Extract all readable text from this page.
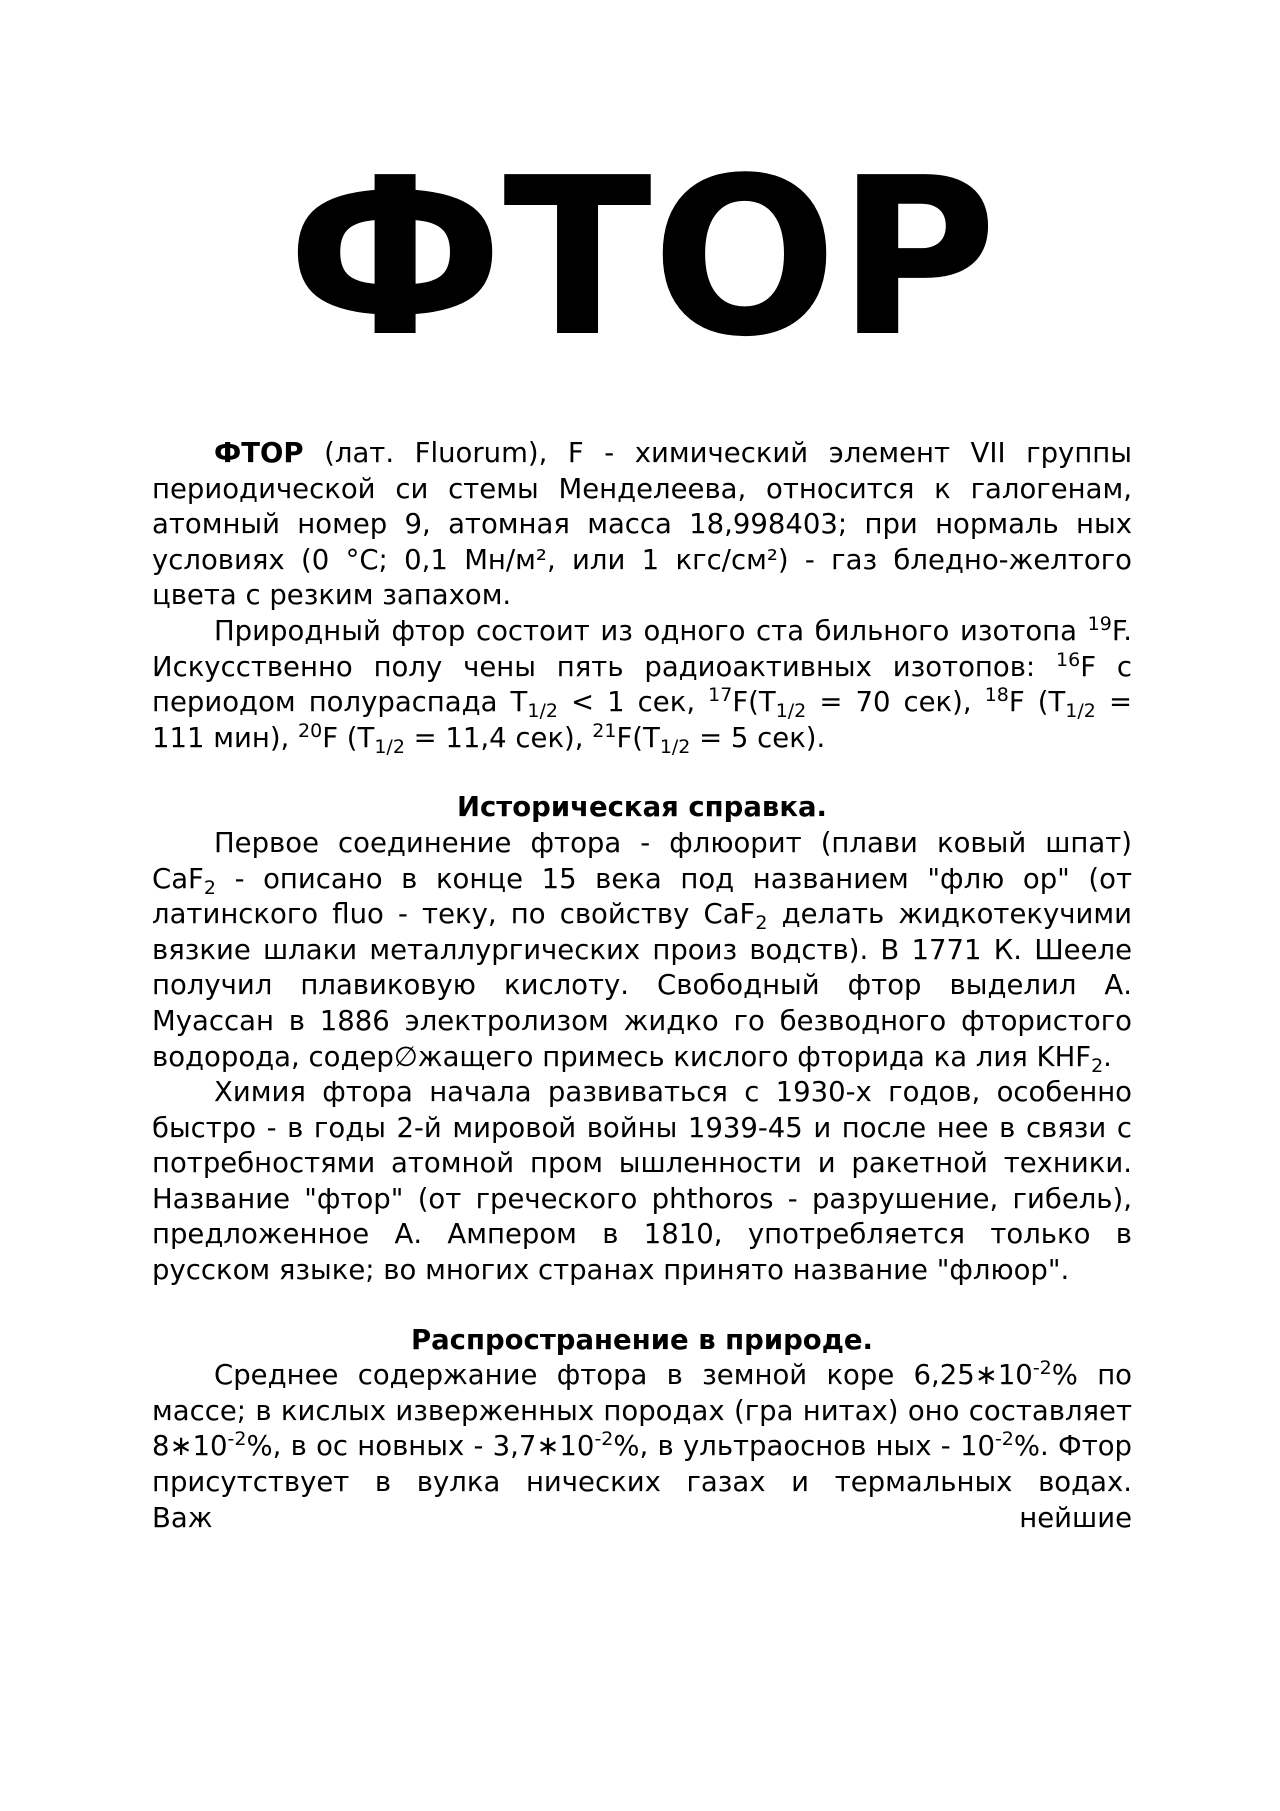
ФТОР

ФТОР (лат. Fluorum), F - химический элемент VII группы периодической си стемы Менделеева, относится к галогенам, атомный номер 9, атомная масса 18,998403; при нормаль ных условиях (0 °С; 0,1 Мн/м², или 1 кгс/см²) - газ бледно-желтого цвета с резким запахом.

Природный фтор состоит из одного ста бильного изотопа $^{19}$F. Искусственно полу чены пять радиоактивных изотопов: $^{16}$F с периодом полураспада $T_{1/2} < 1$ сек, $^{17}F(T_{1/2} = 70$ сек), $^{18}$F ($T_{1/2} = 111$ мин), $^{20}$F ($T_{1/2} = 11,4$ сек), $^{21}F(T_{1/2} = 5$ сек).

Историческая справка.

Первое соединение фтора - флюорит (плави ковый шпат) CaF$_2$ - описано в конце 15 века под названием "флю ор" (от латинского fluo - теку, по свойству CaF$_2$ делать жидкотекучими вязкие шлаки металлургических произ водств). В 1771 К. Шееле получил плавиковую кислоту. Свободный фтор выделил А. Муассан в 1886 электролизом жидко го безводного фтористого водорода, содер∅жащего примесь кислого фторида ка лия $KHF_2$.

Химия фтора начала развиваться с 1930-х годов, особенно быстро - в годы 2-й мировой войны 1939-45 и после нее в связи с потребностями атомной пром ышленности и ракетной техники. Название "фтор" (от греческого phthoros - разрушение, гибель), предложенное А. Ампером в 1810, употребляется только в русском языке; во многих странах принято название "флюор".

Распространение в природе.

Среднее содержание фтора в земной коре $6,25∗10^{-2}\%$ по массе; в кислых изверженных породах (гра нитах) оно составляет $8∗10^{-2}\%$, в ос новных - $3,7∗10^{-2}\%$, в ультраоснов ных - $10^{-2}\%$. Фтор присутствует в вулка нических газах и термальных водах. Важ нейшие
